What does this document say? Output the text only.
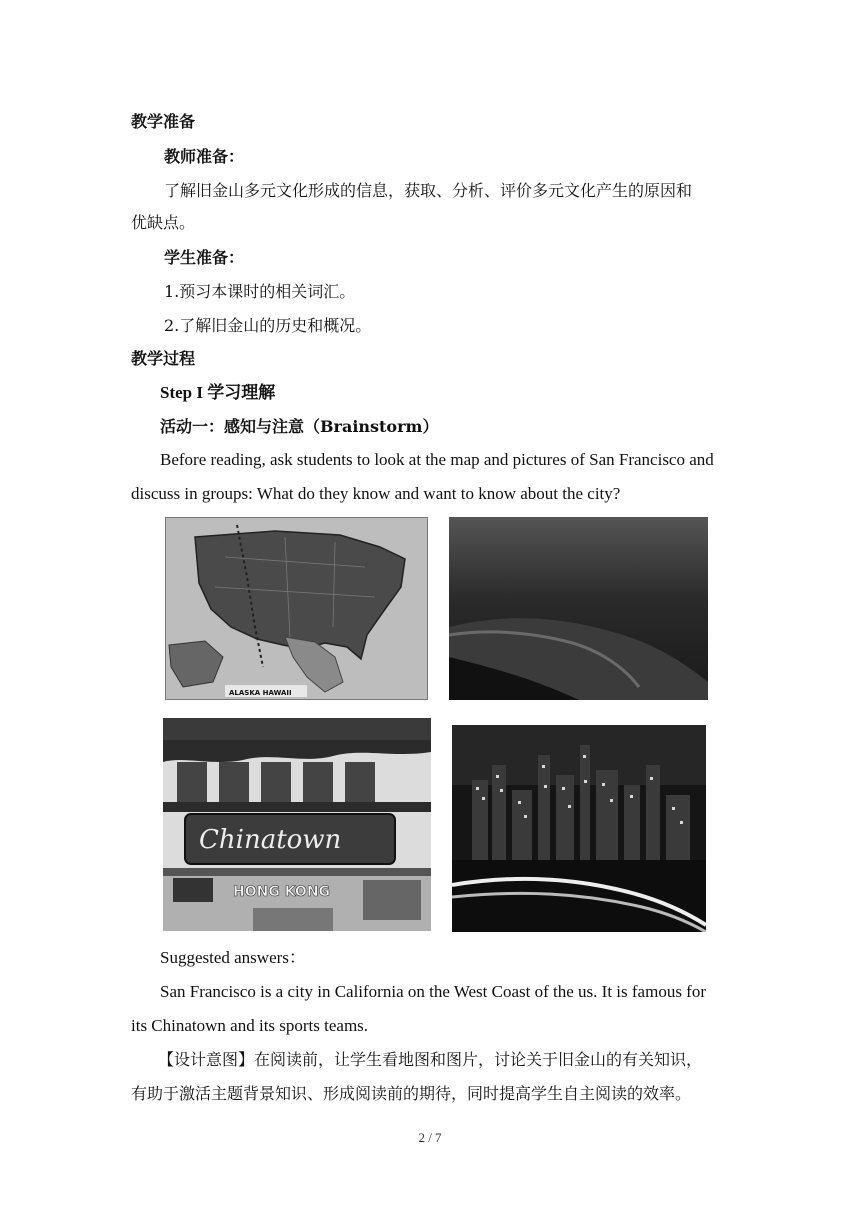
教学准备
教师准备：
了解旧金山多元文化形成的信息，获取、分析、评价多元文化产生的原因和
优缺点。
学生准备：
1.预习本课时的相关词汇。
2.了解旧金山的历史和概况。
教学过程
Step I 学习理解
活动一：感知与注意（Brainstorm）
Before reading, ask students to look at the map and pictures of San Francisco and
discuss in groups: What do they know and want to know about the city?
ALASKA HAWAII
Chinatown
HONG KONG
Suggested answers：
San Francisco is a city in California on the West Coast of the us. It is famous for
its Chinatown and its sports teams.
【设计意图】在阅读前，让学生看地图和图片，讨论关于旧金山的有关知识，
有助于激活主题背景知识、形成阅读前的期待，同时提高学生自主阅读的效率。
2 / 7
